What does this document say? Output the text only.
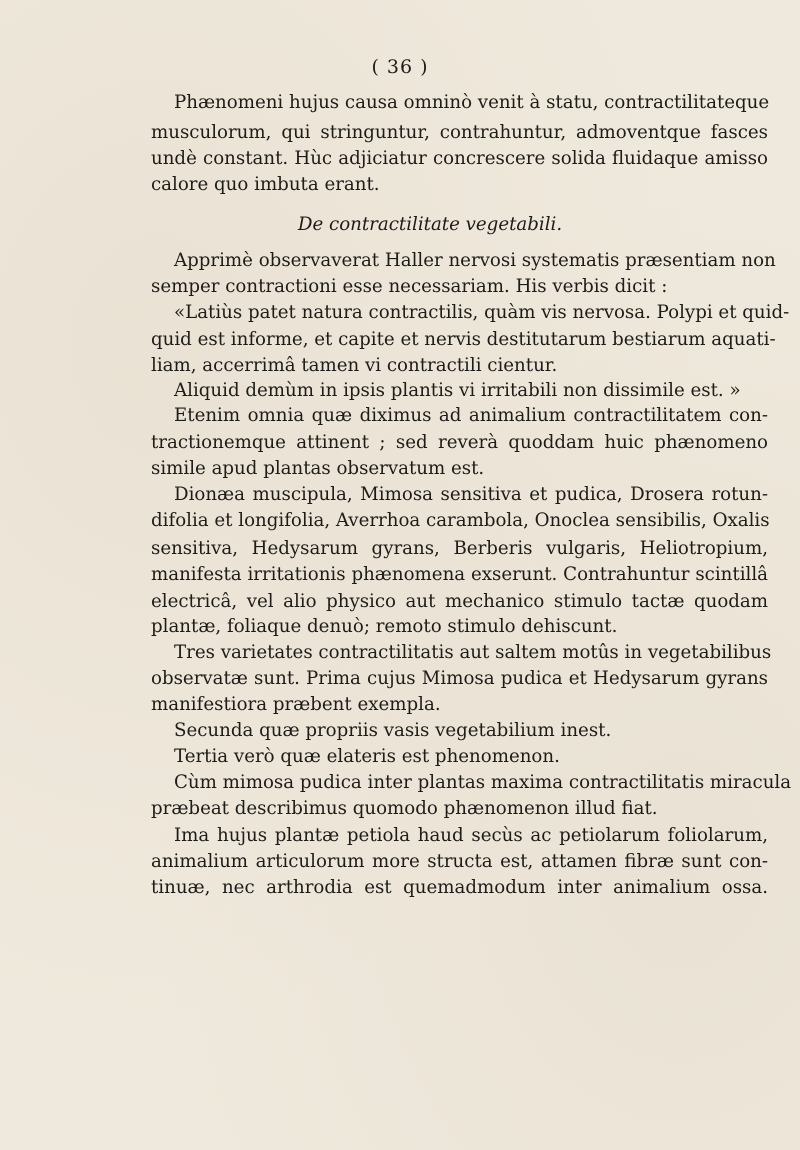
( 36 )
Phænomeni hujus causa omninò venit à statu, contractilitateque
musculorum, qui stringuntur, contrahuntur, admoventque fasces
undè constant. Hùc adjiciatur concrescere solida fluidaque amisso
calore quo imbuta erant.
De contractilitate vegetabili.
Apprimè observaverat Haller nervosi systematis præsentiam non
semper contractioni esse necessariam. His verbis dicit :
«Latiùs patet natura contractilis, quàm vis nervosa. Polypi et quid-
quid est informe, et capite et nervis destitutarum bestiarum aquati-
liam, accerrimâ tamen vi contractili cientur.
Aliquid demùm in ipsis plantis vi irritabili non dissimile est. »
Etenim omnia quæ diximus ad animalium contractilitatem con-
tractionemque attinent ; sed reverà quoddam huic phænomeno
simile apud plantas observatum est.
Dionæa muscipula, Mimosa sensitiva et pudica, Drosera rotun-
difolia et longifolia, Averrhoa carambola, Onoclea sensibilis, Oxalis
sensitiva, Hedysarum gyrans, Berberis vulgaris, Heliotropium,
manifesta irritationis phænomena exserunt. Contrahuntur scintillâ
electricâ, vel alio physico aut mechanico stimulo tactæ quodam
plantæ, foliaque denuò; remoto stimulo dehiscunt.
Tres varietates contractilitatis aut saltem motûs in vegetabilibus
observatæ sunt. Prima cujus Mimosa pudica et Hedysarum gyrans
manifestiora præbent exempla.
Secunda quæ propriis vasis vegetabilium inest.
Tertia verò quæ elateris est phenomenon.
Cùm mimosa pudica inter plantas maxima contractilitatis miracula
præbeat describimus quomodo phænomenon illud fiat.
Ima hujus plantæ petiola haud secùs ac petiolarum foliolarum,
animalium articulorum more structa est, attamen fibræ sunt con-
tinuæ, nec arthrodia est quemadmodum inter animalium ossa.
